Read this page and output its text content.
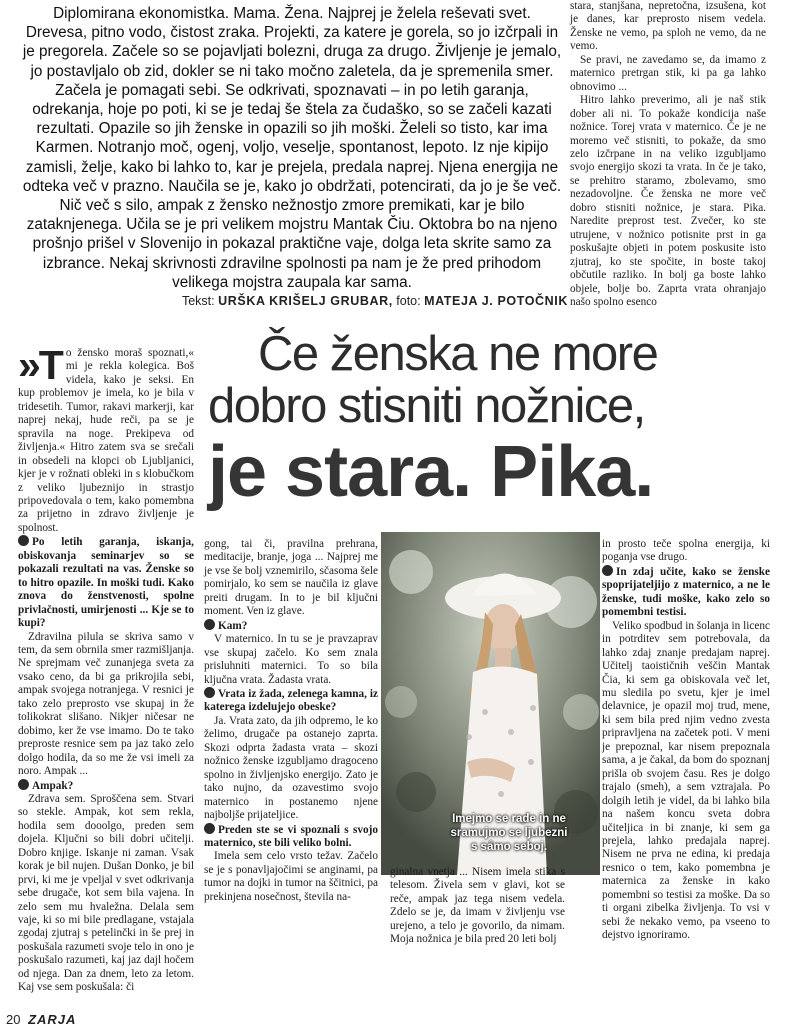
Diplomirana ekonomistka. Mama. Žena. Najprej je želela reševati svet. Drevesa, pitno vodo, čistost zraka. Projekti, za katere je gorela, so jo izčrpali in je pregorela. Začele so se pojavljati bolezni, druga za drugo. Življenje je jemalo, jo postavljalo ob zid, dokler se ni tako močno zaletela, da je spremenila smer. Začela je pomagati sebi. Se odkrivati, spoznavati – in po letih garanja, odrekanja, hoje po poti, ki se je tedaj še štela za čudaško, so se začeli kazati rezultati. Opazile so jih ženske in opazili so jih moški. Želeli so tisto, kar ima Karmen. Notranjo moč, ogenj, voljo, veselje, spontanost, lepoto. Iz nje kipijo zamisli, želje, kako bi lahko to, kar je prejela, predala naprej. Njena energija ne odteka več v prazno. Naučila se je, kako jo obdržati, potencirati, da jo je še več. Nič več s silo, ampak z žensko nežnostjo zmore premikati, kar je bilo zataknjenega. Učila se je pri velikem mojstru Mantak Čiu. Oktobra bo na njeno prošnjo prišel v Slovenijo in pokazal praktične vaje, dolga leta skrite samo za izbrance. Nekaj skrivnosti zdravilne spolnosti pa nam je že pred prihodom velikega mojstra zaupala kar sama.
Tekst: URŠKA KRIŠELJ GRUBAR, foto: MATEJA J. POTOČNIK

stara, stanjšana, nepretočna, izsušena, kot je danes, kar preprosto nisem vedela. Ženske ne vemo, pa sploh ne vemo, da ne vemo.

Se pravi, ne zavedamo se, da imamo z maternico pretrgan stik, ki pa ga lahko obnovimo ...

Hitro lahko preverimo, ali je naš stik dober ali ni. To pokaže kondicija naše nožnice. Torej vrata v maternico. Če je ne moremo več stisniti, to pokaže, da smo zelo izčrpane in na veliko izgubljamo svojo energijo skozi ta vrata. In če je tako, se prehitro staramo, zbolevamo, smo nezadovoljne. Če ženska ne more več dobro stisniti nožnice, je stara. Pika. Naredite preprost test. Zvečer, ko ste utrujene, v nožnico potisnite prst in ga poskušajte objeti in potem poskusite isto zjutraj, ko ste spočite, in boste takoj občutile razliko. In bolj ga boste lahko objele, bolje bo. Zaprta vrata ohranjajo našo spolno esenco

Če ženska ne more
dobro stisniti nožnice,
je stara. Pika.

»T o žensko moraš spoznati,« mi je rekla kolegica. Boš videla, kako je seksi. En kup problemov je imela, ko je bila v tridesetih. Tumor, rakavi markerji, kar naprej nekaj, hude reči, pa se je spravila na noge. Prekipeva od življenja.« Hitro zatem sva se srečali in obsedeli na klopci ob Ljubljanici, kjer je v rožnati obleki in s klobučkom z veliko ljubeznijo in strastjo pripovedovala o tem, kako pomembna za prijetno in zdravo življenje je spolnost.

Po letih garanja, iskanja, obiskovanja seminarjev so se pokazali rezultati na vas. Ženske so to hitro opazile. In moški tudi. Kako znova do ženstvenosti, spolne privlačnosti, umirjenosti ... Kje se to kupi?

Zdravilna pilula se skriva samo v tem, da sem obrnila smer razmišljanja. Ne sprejmam več zunanjega sveta za vsako ceno, da bi ga prikrojila sebi, ampak svojega notranjega. V resnici je tako zelo preprosto vse skupaj in že tolikokrat slišano. Nikjer ničesar ne dobimo, ker že vse imamo. Do te tako preproste resnice sem pa jaz tako zelo dolgo hodila, da so me že vsi imeli za noro. Ampak ...

Ampak?

Zdrava sem. Sproščena sem. Stvari so stekle. Ampak, kot sem rekla, hodila sem dooolgo, preden sem dojela. Ključni so bili dobri učitelji. Dobro knjige. Iskanje ni zaman. Vsak korak je bil nujen. Dušan Donko, je bil prvi, ki me je vpeljal v svet odkrivanja sebe drugače, kot sem bila vajena. In zelo sem mu hvaležna. Delala sem vaje, ki so mi bile predlagane, vstajala zgodaj zjutraj s petelinčki in še prej in poskušala razumeti svoje telo in ono je poskušalo razumeti, kaj jaz dajl hočem od njega. Dan za dnem, leto za letom. Kaj vse sem poskušala: či

gong, tai či, pravilna prehrana, meditacije, branje, joga ... Najprej me je vse še bolj vznemirilo, sčasoma šele pomirjalo, ko sem se naučila iz glave preiti drugam. In to je bil ključni moment. Ven iz glave.

Kam?

V maternico. In tu se je pravzaprav vse skupaj začelo. Ko sem znala prisluhniti maternici. To so bila ključna vrata. Žadasta vrata.

Vrata iz žada, zelenega kamna, iz katerega izdelujejo obeske?

Ja. Vrata zato, da jih odpremo, le ko želimo, drugače pa ostanejo zaprta. Skozi odprta žadasta vrata – skozi nožnico ženske izgubljamo dragoceno spolno in življenjsko energijo. Zato je tako nujno, da ozavestimo svojo maternico in postanemo njene najboljše prijateljice.

Preden ste se vi spoznali s svojo maternico, ste bili veliko bolni.

Imela sem celo vrsto težav. Začelo se je s ponavljajočimi se anginami, pa tumor na dojki in tumor na ščitnici, pa prekinjena nosečnost, števila na-

Imejmo se rade in ne sramujmo se ljubezni s samo seboj.

ginalna vnetja ... Nisem imela stika s telesom. Živela sem v glavi, kot se reče, ampak jaz tega nisem vedela. Zdelo se je, da imam v življenju vse urejeno, a telo je govorilo, da nimam. Moja nožnica je bila pred 20 leti bolj

in prosto teče spolna energija, ki poganja vse drugo.

In zdaj učite, kako se ženske spoprijateljijo z maternico, a ne le ženske, tudi moške, kako zelo so pomembni testisi.

Veliko spodbud in šolanja in licenc in potrditev sem potrebovala, da lahko zdaj znanje predajam naprej. Učitelj taoističnih veščin Mantak Čia, ki sem ga obiskovala več let, mu sledila po svetu, kjer je imel delavnice, je opazil moj trud, mene, ki sem bila pred njim vedno zvesta pripravljena na začetek poti. V meni je prepoznal, kar nisem prepoznala sama, a je čakal, da bom do spoznanj prišla ob svojem času. Res je dolgo trajalo (smeh), a sem vztrajala. Po dolgih letih je videl, da bi lahko bila na našem koncu sveta dobra učiteljica in bi znanje, ki sem ga prejela, lahko predajala naprej. Nisem ne prva ne edina, ki predaja resnico o tem, kako pomembna je maternica za ženske in kako pomembni so testisi za moške. Da so ti organi zibelka življenja. To vsi v sebi že nekako vemo, pa vseeno to dejstvo ignoriramo.

20 ZARJA
